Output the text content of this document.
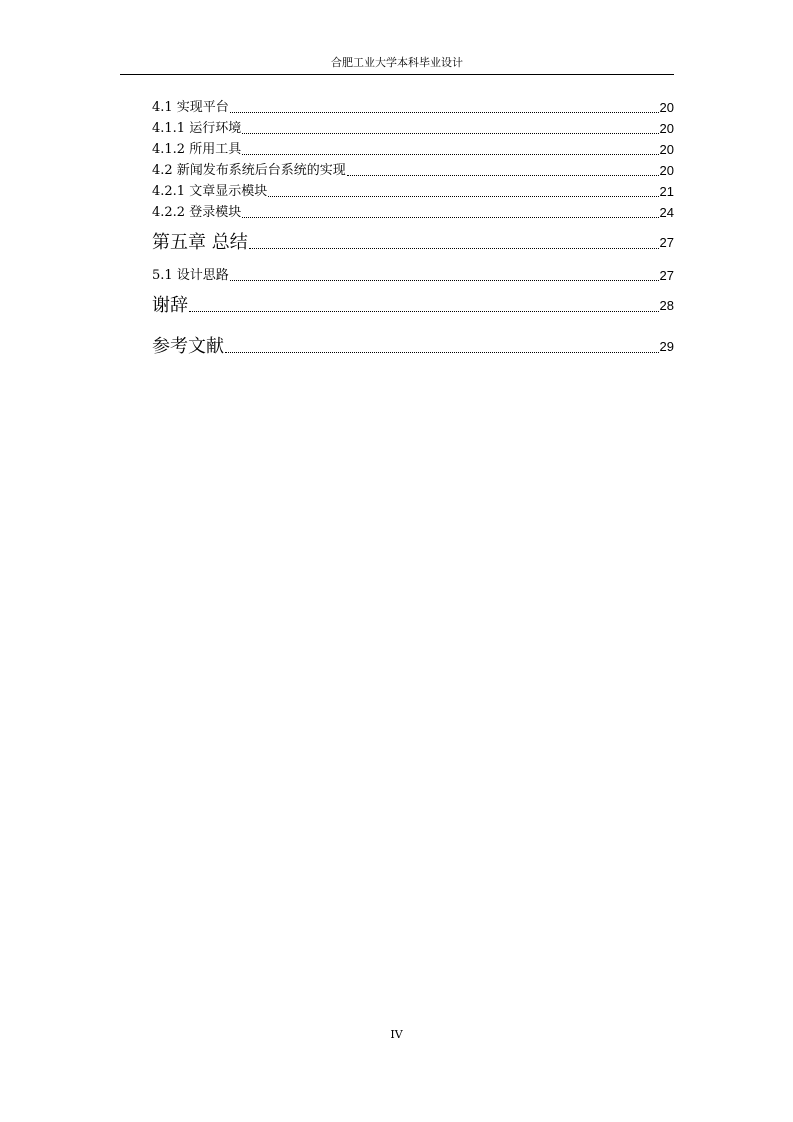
合肥工业大学本科毕业设计
4.1 实现平台	20
4.1.1 运行环境	20
4.1.2 所用工具	20
4.2 新闻发布系统后台系统的实现	20
4.2.1 文章显示模块	21
4.2.2 登录模块	24
第五章 总结	27
5.1 设计思路	27
谢辞	28
参考文献	29
IV
